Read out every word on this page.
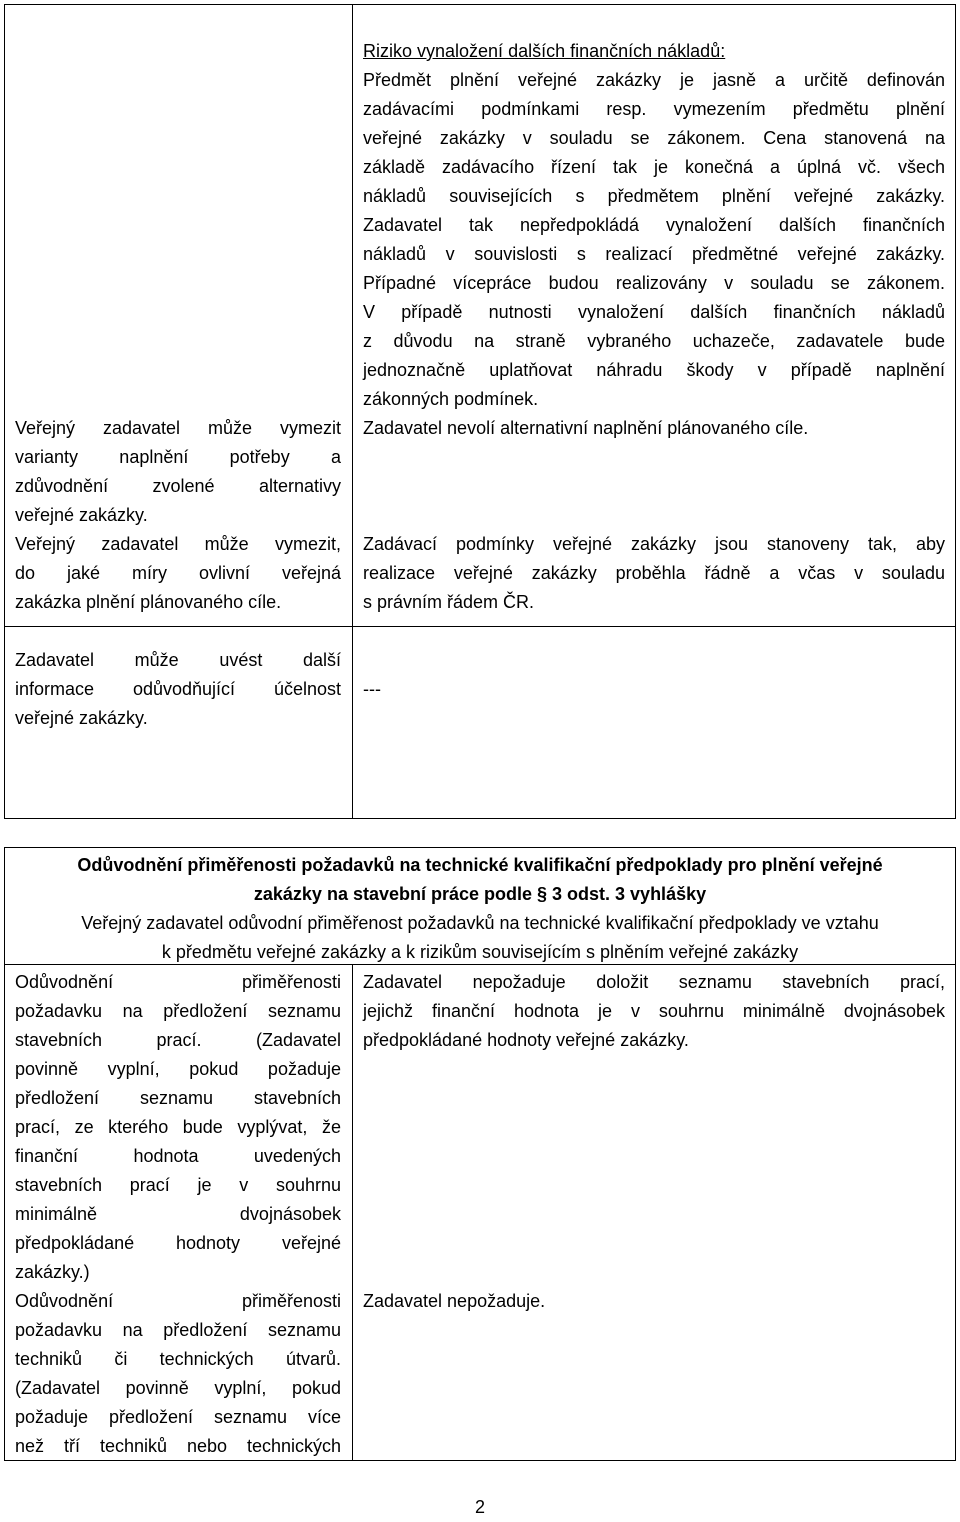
Riziko vynaložení dalších finančních nákladů:
Předmět plnění veřejné zakázky je jasně a určitě definován
zadávacími podmínkami resp. vymezením předmětu plnění
veřejné zakázky v souladu se zákonem. Cena stanovená na
základě zadávacího řízení tak je konečná a úplná vč. všech
nákladů souvisejících s předmětem plnění veřejné zakázky.
Zadavatel tak nepředpokládá vynaložení dalších finančních
nákladů v souvislosti s realizací předmětné veřejné zakázky.
Případné vícepráce budou realizovány v souladu se zákonem.
V případě nutnosti vynaložení dalších finančních nákladů
z důvodu na straně vybraného uchazeče, zadavatele bude
jednoznačně uplatňovat náhradu škody v případě naplnění
zákonných podmínek.
Veřejný zadavatel může vymezit
varianty naplnění potřeby a
zdůvodnění zvolené alternativy
veřejné zakázky.
Zadavatel nevolí alternativní naplnění plánovaného cíle.
Veřejný zadavatel může vymezit,
do jaké míry ovlivní veřejná
zakázka plnění plánovaného cíle.
Zadávací podmínky veřejné zakázky jsou stanoveny tak, aby
realizace veřejné zakázky proběhla řádně a včas v souladu
s právním řádem ČR.
Zadavatel může uvést další
informace odůvodňující účelnost
veřejné zakázky.
---
Odůvodnění přiměřenosti požadavků na technické kvalifikační předpoklady pro plnění veřejné
zakázky na stavební práce podle § 3 odst. 3 vyhlášky
Veřejný zadavatel odůvodní přiměřenost požadavků na technické kvalifikační předpoklady ve vztahu
k předmětu veřejné zakázky a k rizikům souvisejícím s plněním veřejné zakázky
Odůvodnění přiměřenosti
požadavku na předložení seznamu
stavebních prací. (Zadavatel
povinně vyplní, pokud požaduje
předložení seznamu stavebních
prací, ze kterého bude vyplývat, že
finanční hodnota uvedených
stavebních prací je v souhrnu
minimálně dvojnásobek
předpokládané hodnoty veřejné
zakázky.)
Zadavatel nepožaduje doložit seznamu stavebních prací,
jejichž finanční hodnota je v souhrnu minimálně dvojnásobek
předpokládané hodnoty veřejné zakázky.
Odůvodnění přiměřenosti
požadavku na předložení seznamu
techniků či technických útvarů.
(Zadavatel povinně vyplní, pokud
požaduje předložení seznamu více
než tří techniků nebo technických
Zadavatel nepožaduje.
2
